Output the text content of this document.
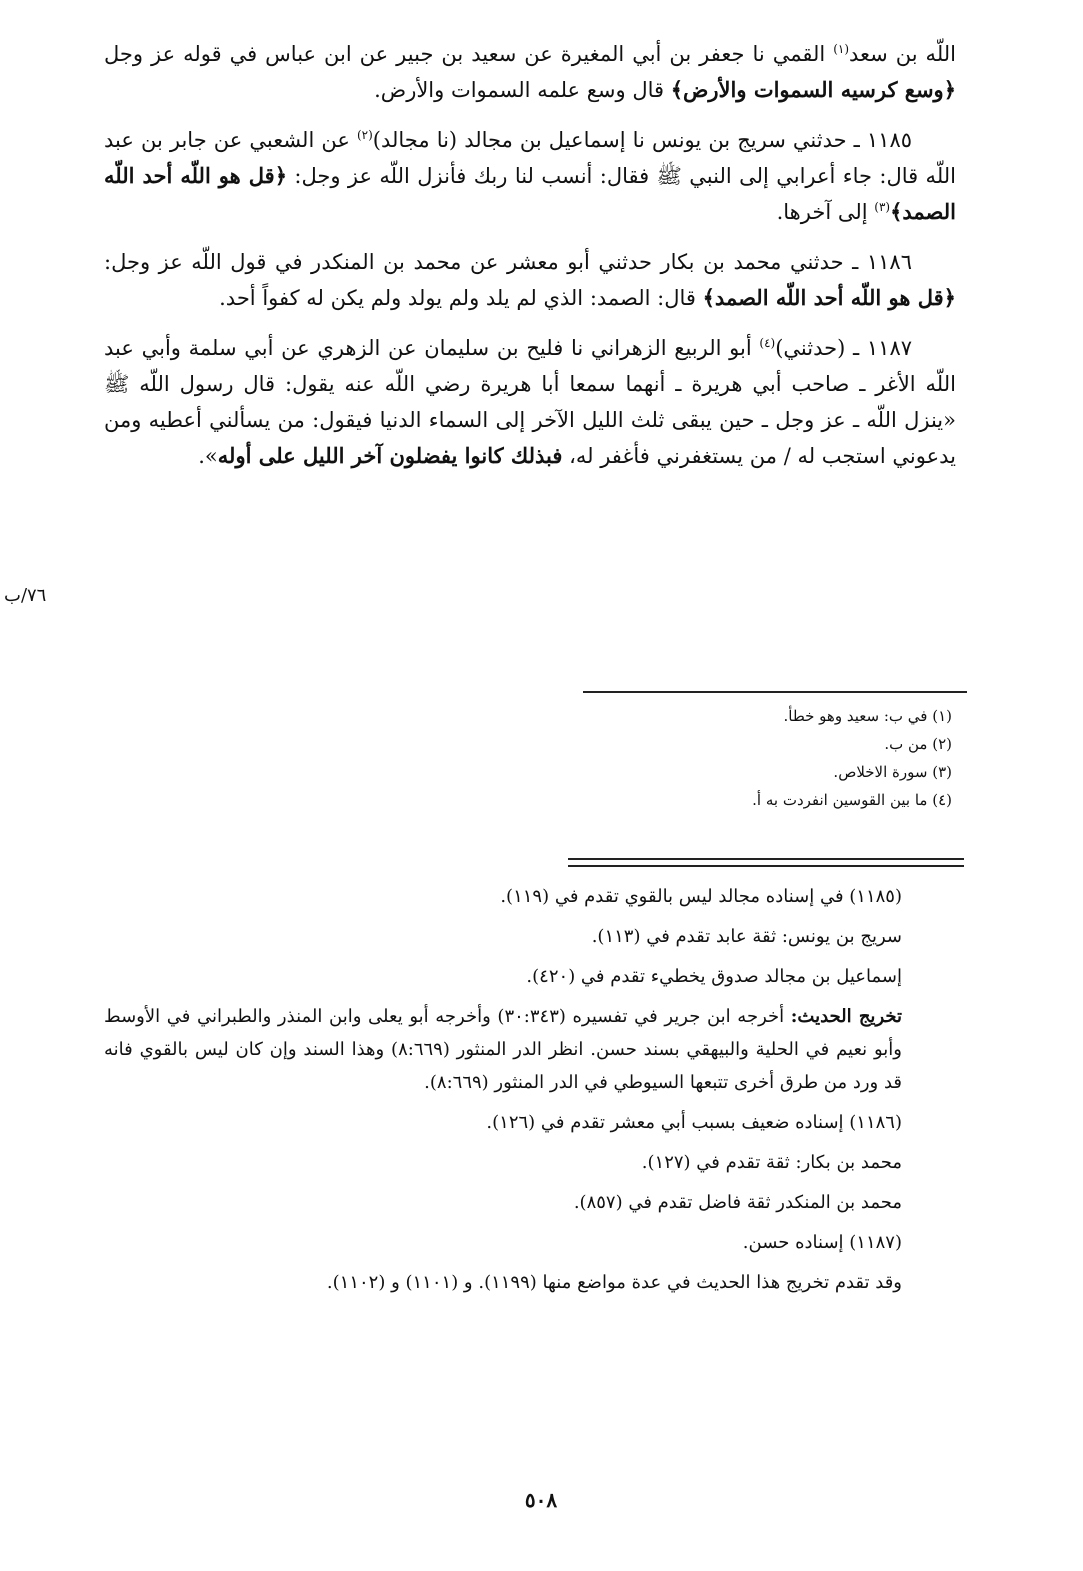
اللّه بن سعد$^{(١)}$ القمي نا جعفر بن أبي المغيرة عن سعيد بن جبير عن ابن عباس في قوله عز وجل ﴿وسع كرسيه السموات والأرض﴾ قال وسع علمه السموات والأرض.

١١٨٥ ـ حدثني سريج بن يونس نا إسماعيل بن مجالد (نا مجالد)$^{(٢)}$ عن الشعبي عن جابر بن عبد اللّه قال: جاء أعرابي إلى النبي ﷺ فقال: أنسب لنا ربك فأنزل اللّه عز وجل: ﴿قل هو اللّه أحد اللّه الصمد﴾$^{(٣)}$ إلى آخرها.

١١٨٦ ـ حدثني محمد بن بكار حدثني أبو معشر عن محمد بن المنكدر في قول اللّه عز وجل: ﴿قل هو اللّه أحد اللّه الصمد﴾ قال: الصمد: الذي لم يلد ولم يولد ولم يكن له كفواً أحد.

١١٨٧ ـ (حدثني)$^{(٤)}$ أبو الربيع الزهراني نا فليح بن سليمان عن الزهري عن أبي سلمة وأبي عبد اللّه الأغر ـ صاحب أبي هريرة ـ أنهما سمعا أبا هريرة رضي اللّه عنه يقول: قال رسول اللّه ﷺ «ينزل اللّه ـ عز وجل ـ حين يبقى ثلث الليل الآخر إلى السماء الدنيا فيقول: من يسألني أعطيه ومن يدعوني استجب له / من يستغفرني فأغفر له، فبذلك كانوا يفضلون آخر الليل على أوله».

٧٦/ب

(١) في ب: سعيد وهو خطأ.

(٢) من ب.

(٣) سورة الاخلاص.

(٤) ما بين القوسين انفردت به أ.

(١١٨٥) في إسناده مجالد ليس بالقوي تقدم في (١١٩).

سريج بن يونس: ثقة عابد تقدم في (١١٣).

إسماعيل بن مجالد صدوق يخطيء تقدم في (٤٢٠).

تخريج الحديث: أخرجه ابن جرير في تفسيره (٣٠:٣٤٣) وأخرجه أبو يعلى وابن المنذر والطبراني في الأوسط وأبو نعيم في الحلية والبيهقي بسند حسن. انظر الدر المنثور (٨:٦٦٩) وهذا السند وإن كان ليس بالقوي فانه قد ورد من طرق أخرى تتبعها السيوطي في الدر المنثور (٨:٦٦٩).

(١١٨٦) إسناده ضعيف بسبب أبي معشر تقدم في (١٢٦).

محمد بن بكار: ثقة تقدم في (١٢٧).

محمد بن المنكدر ثقة فاضل تقدم في (٨٥٧).

(١١٨٧) إسناده حسن.

وقد تقدم تخريج هذا الحديث في عدة مواضع منها (١١٩٩). و (١١٠١) و (١١٠٢).

٥٠٨
